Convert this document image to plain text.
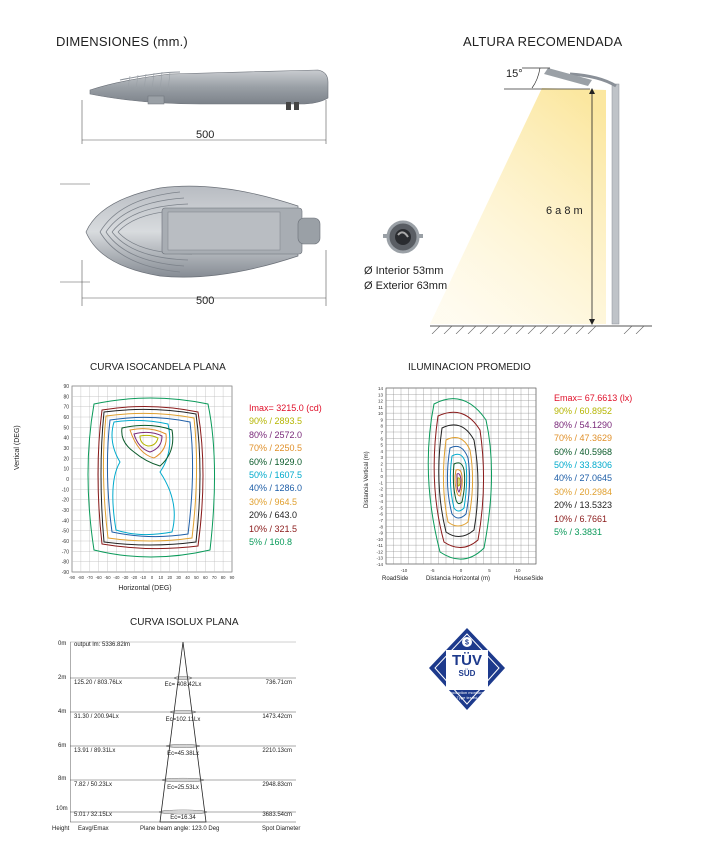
DIMENSIONES (mm.)
500
500
Ø Interior 53mm
Ø Exterior 63mm
ALTURA RECOMENDADA
15°
6 a 8 m
CURVA ISOCANDELA PLANA
90
80
70
60
50
40
30
20
10
0
-10
-20
-30
-40
-50
-60
-70
-80
-90
-90 -80 -70 -60 -50 -40 -30 -20 -10 0 10 20 30 40 50 60 70 80 90
Horizontal (DEG)
Vertical (DEG)
Imax= 3215.0 (cd)
90% / 2893.5
80% / 2572.0
70% / 2250.5
60% / 1929.0
50% / 1607.5
40% / 1286.0
30% / 964.5
20% / 643.0
10% / 321.5
5% / 160.8
ILUMINACION PROMEDIO
14
13
12
11
10
9
8
7
6
5
4
3
2
1
0
-1
-2
-3
-4
-5
-6
-7
-8
-9
-10
-11
-12
-13
-14
-10	-5	0	5	10
Distancia Horizontal (m)
RoadSide	HouseSide
Distancia Vertical (m)
Emax= 67.6613 (lx)
90% / 60.8952
80% / 54.1290
70% / 47.3629
60% / 40.5968
50% / 33.8306
40% / 27.0645
30% / 20.2984
20% / 13.5323
10% / 6.7661
5% / 3.3831
CURVA ISOLUX PLANA
0m
2m
4m
6m
8m
10m
output lm: 5336.82lm
125.20 / 803.76Lx	Ec= 408.42Lx	736.71cm
31.30 / 200.94Lx	Ec=102.11Lx	1473.42cm
13.91 / 89.31Lx	Ec=45.38Lx	2210.13cm
7.82 / 50.23Lx	Ec=25.53Lx	2948.83cm
5.01 / 32.15Lx	Ec=16.34	3683.54cm
Height Eavg/Emax	Plane beam angle: 123.0 Deg	Spot Diameter
$
TÜV
SÜD
Production monitored
Type tested
